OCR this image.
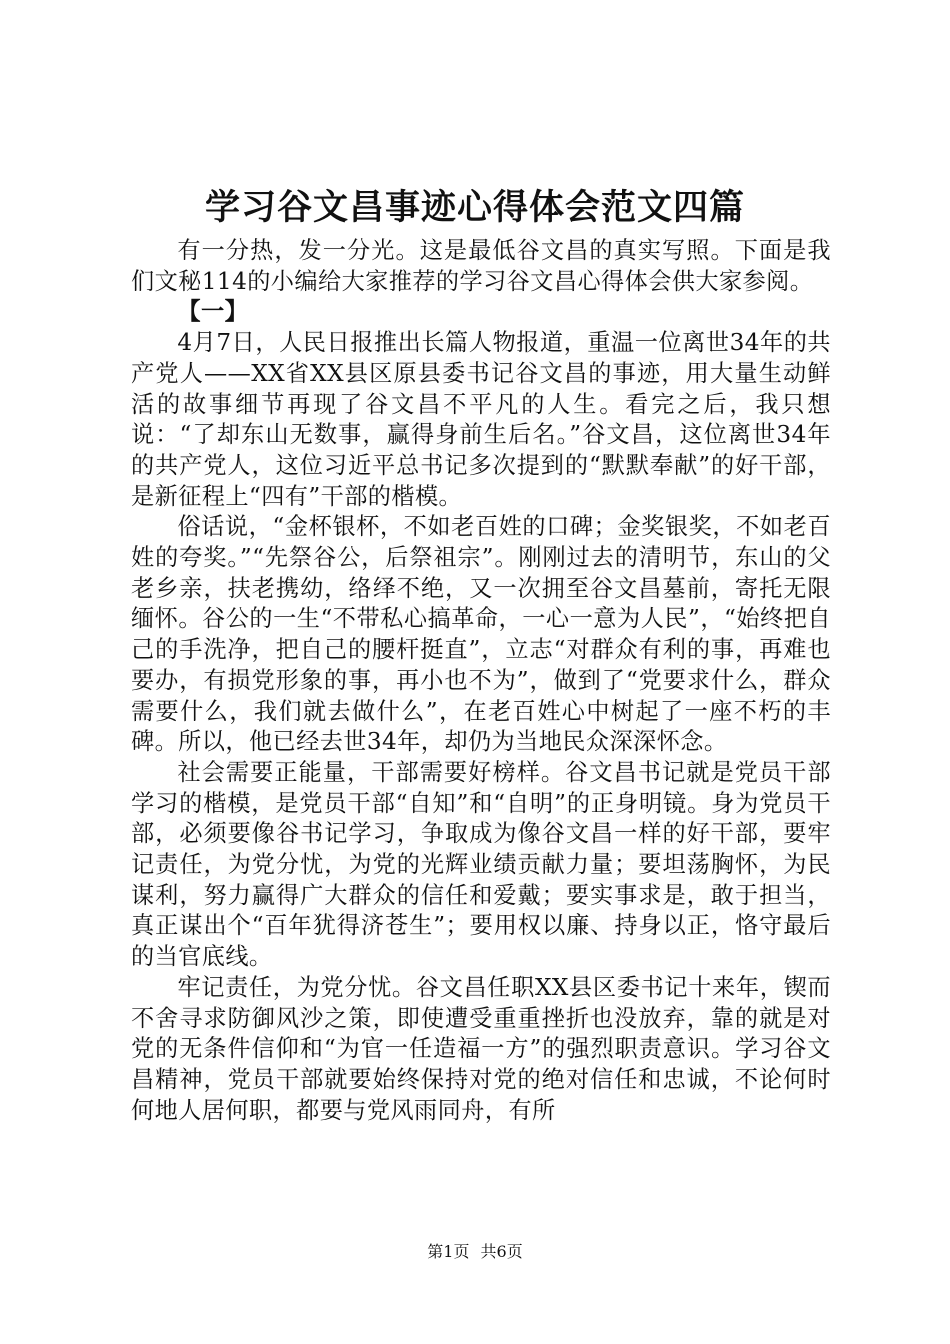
学习谷文昌事迹心得体会范文四篇

有一分热，发一分光。这是最低谷文昌的真实写照。下面是我们文秘114的小编给大家推荐的学习谷文昌心得体会供大家参阅。

【一】

4月7日，人民日报推出长篇人物报道，重温一位离世34年的共产党人——XX省XX县区原县委书记谷文昌的事迹，用大量生动鲜活的故事细节再现了谷文昌不平凡的人生。看完之后，我只想说：“了却东山无数事，赢得身前生后名。”谷文昌，这位离世34年的共产党人，这位习近平总书记多次提到的“默默奉献”的好干部，是新征程上“四有”干部的楷模。

俗话说，“金杯银杯，不如老百姓的口碑；金奖银奖，不如老百姓的夸奖。”“先祭谷公，后祭祖宗”。刚刚过去的清明节，东山的父老乡亲，扶老携幼，络绎不绝，又一次拥至谷文昌墓前，寄托无限缅怀。谷公的一生“不带私心搞革命，一心一意为人民”，“始终把自己的手洗净，把自己的腰杆挺直”，立志“对群众有利的事，再难也要办，有损党形象的事，再小也不为”，做到了“党要求什么，群众需要什么，我们就去做什么”，在老百姓心中树起了一座不朽的丰碑。所以，他已经去世34年，却仍为当地民众深深怀念。

社会需要正能量，干部需要好榜样。谷文昌书记就是党员干部学习的楷模，是党员干部“自知”和“自明”的正身明镜。身为党员干部，必须要像谷书记学习，争取成为像谷文昌一样的好干部，要牢记责任，为党分忧，为党的光辉业绩贡献力量；要坦荡胸怀，为民谋利，努力赢得广大群众的信任和爱戴；要实事求是，敢于担当，真正谋出个“百年犹得济苍生”；要用权以廉、持身以正，恪守最后的当官底线。

牢记责任，为党分忧。谷文昌任职XX县区委书记十来年，锲而不舍寻求防御风沙之策，即使遭受重重挫折也没放弃，靠的就是对党的无条件信仰和“为官一任造福一方”的强烈职责意识。学习谷文昌精神，党员干部就要始终保持对党的绝对信任和忠诚，不论何时何地人居何职，都要与党风雨同舟，有所

第1页 共6页
